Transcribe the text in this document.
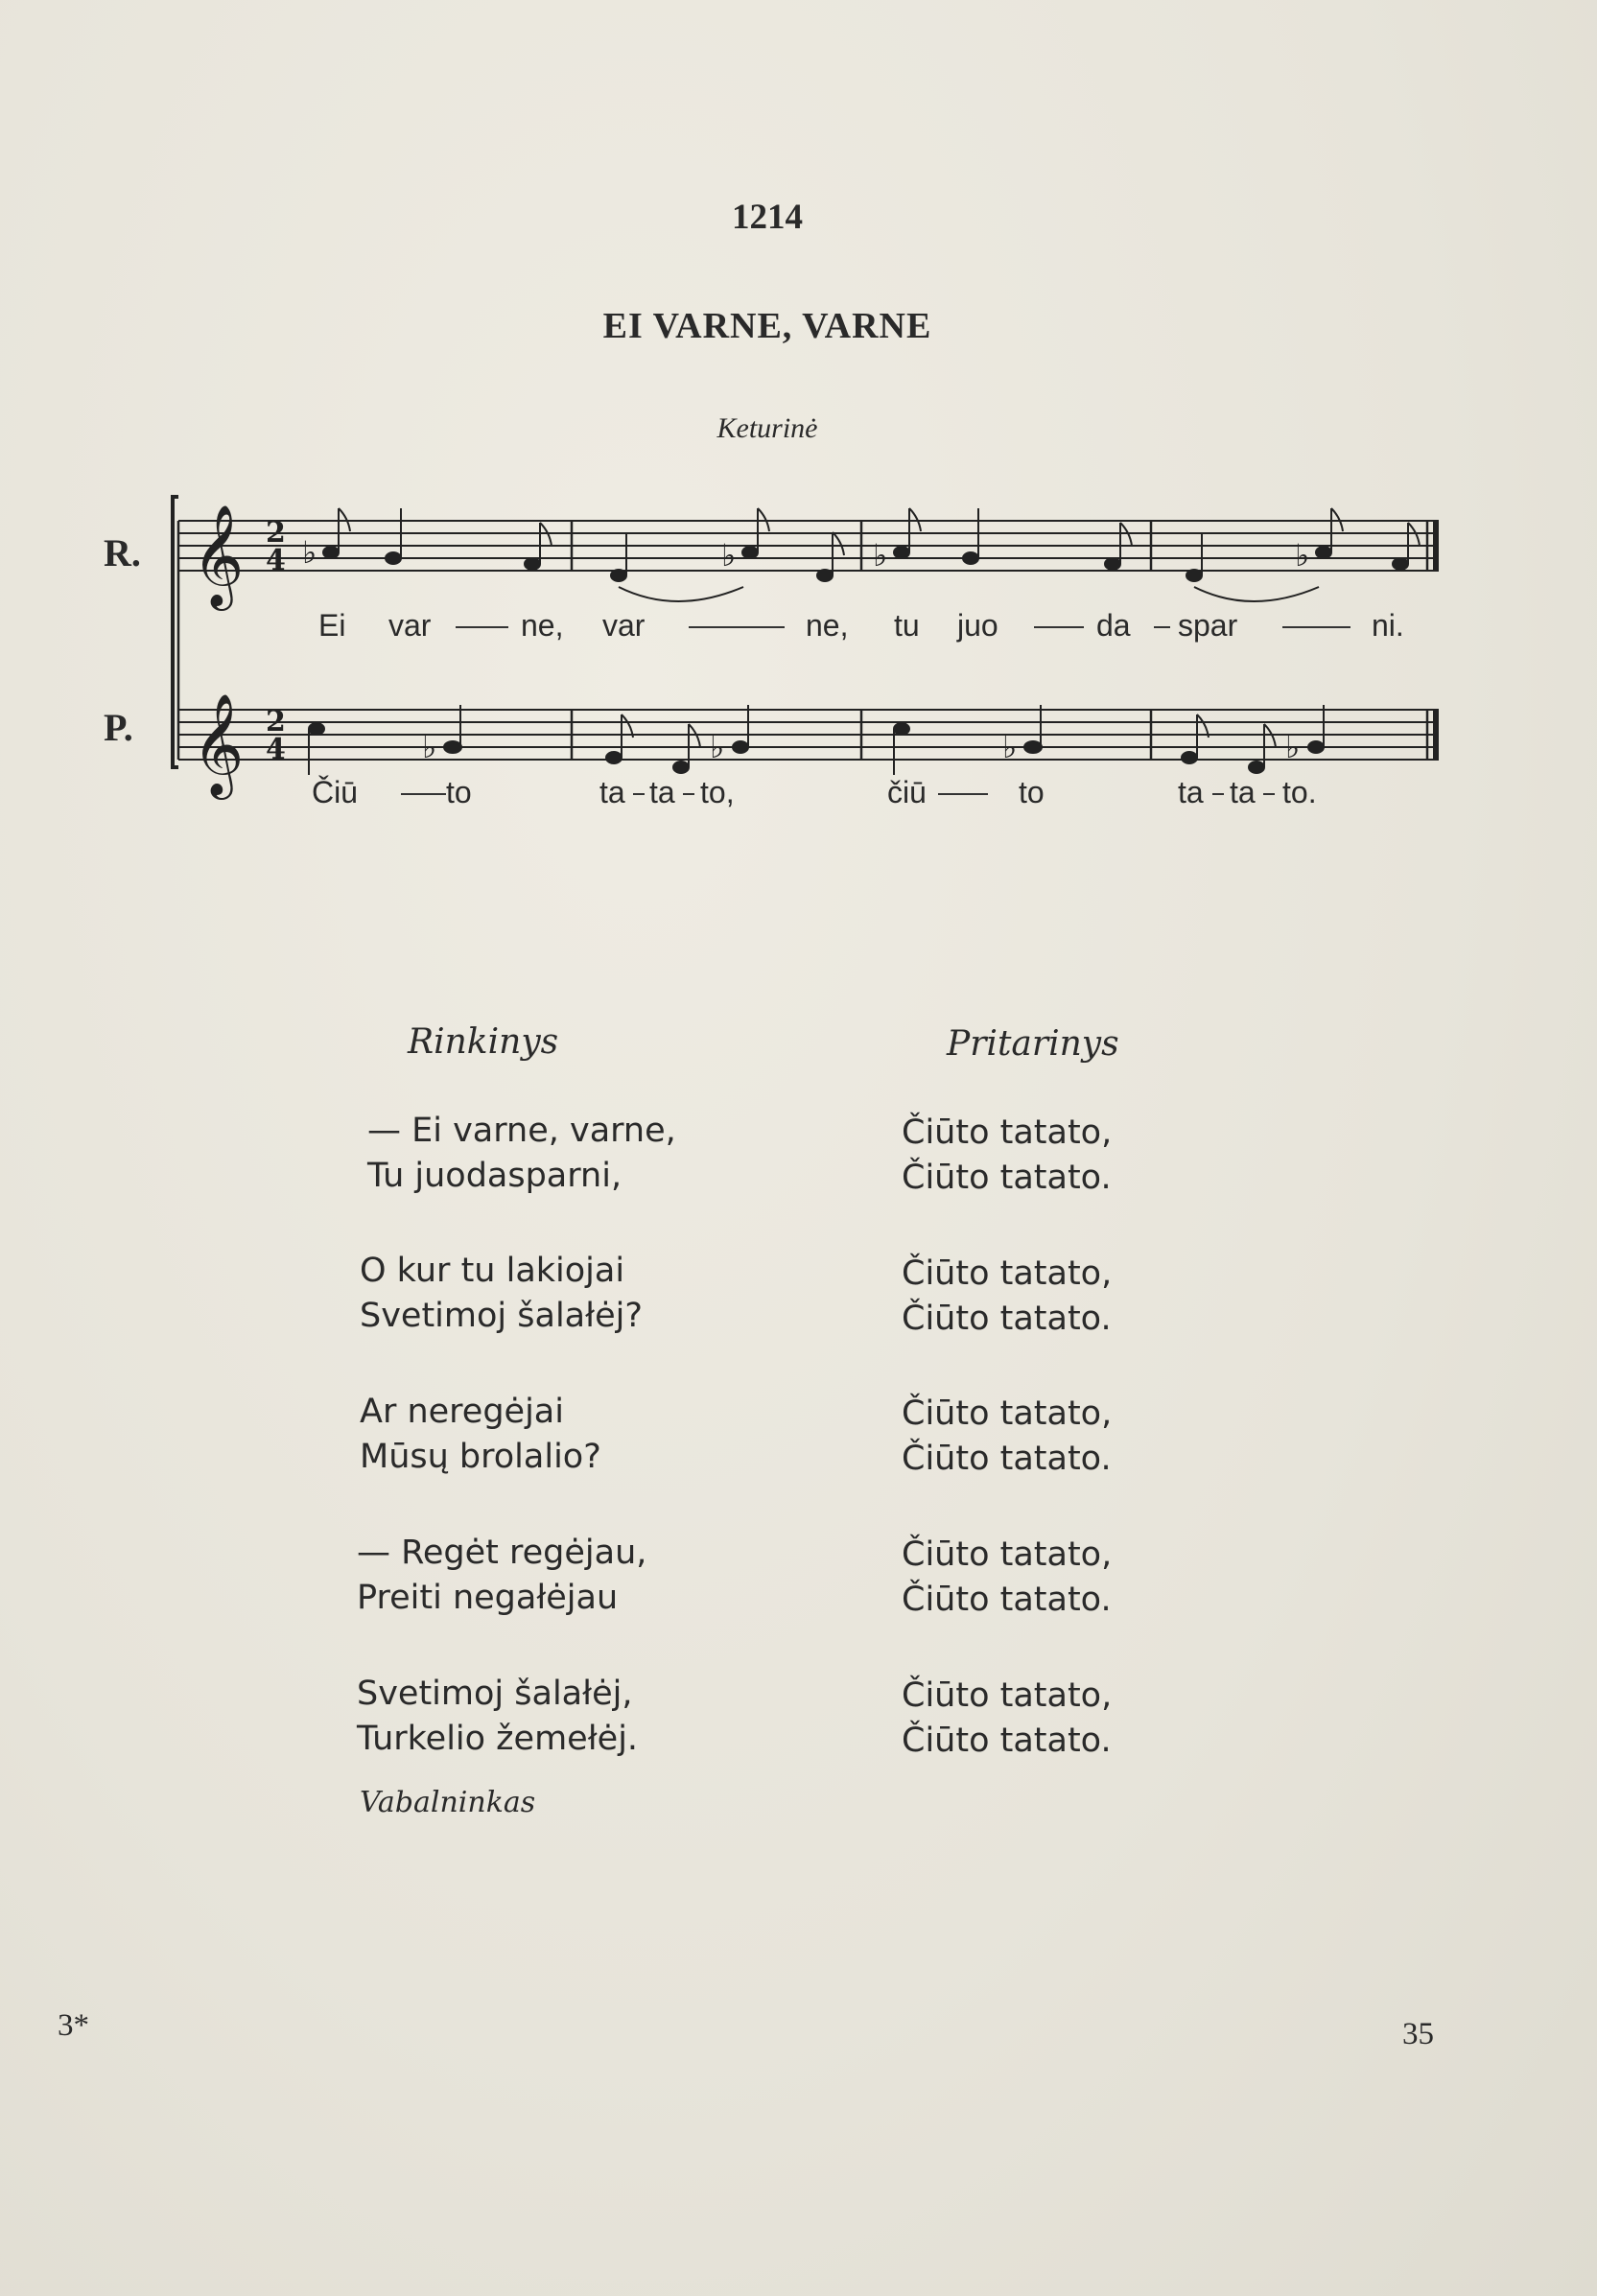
1214
EI VARNE, VARNE
Keturinė
𝄞
𝄞
2
4
2
4
♭	♭	♭	♭
♭	♭	♭	♭
R.
P.
Ei var	ne, var	ne, tu juo	da spar	ni.
Čiū	to	ta ta to,	čiū	to	ta ta to.
Rinkinys	Pritarinys
— Ei varne, varne,
Tu juodasparni,
Čiūto tatato,
Čiūto tatato.
O kur tu lakiojai
Svetimoj šalałėj?
Čiūto tatato,
Čiūto tatato.
Ar neregėjai
Mūsų brolalio?
Čiūto tatato,
Čiūto tatato.
— Regėt regėjau,
Preiti negałėjau
Čiūto tatato,
Čiūto tatato.
Svetimoj šalałėj,
Turkelio žemełėj.
Čiūto tatato,
Čiūto tatato.
Vabalninkas
3*	35
